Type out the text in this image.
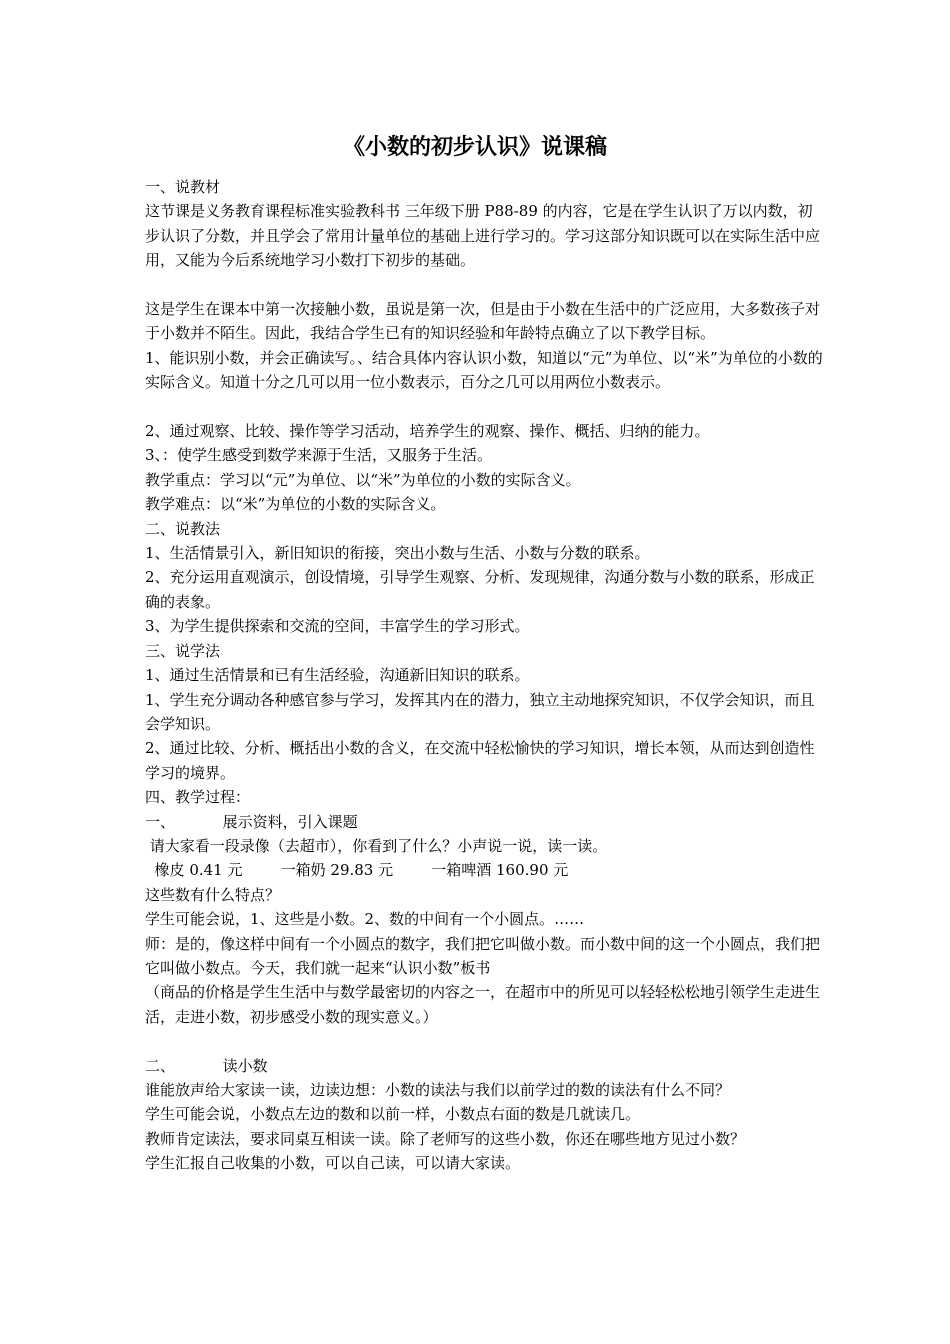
《小数的初步认识》说课稿

一、说教材

这节课是义务教育课程标准实验教科书 三年级下册 P88-89 的内容，它是在学生认识了万以内数，初步认识了分数，并且学会了常用计量单位的基础上进行学习的。学习这部分知识既可以在实际生活中应用，又能为今后系统地学习小数打下初步的基础。

这是学生在课本中第一次接触小数，虽说是第一次，但是由于小数在生活中的广泛应用，大多数孩子对于小数并不陌生。因此，我结合学生已有的知识经验和年龄特点确立了以下教学目标。

1、能识别小数，并会正确读写。、结合具体内容认识小数，知道以“元”为单位、以“米”为单位的小数的实际含义。知道十分之几可以用一位小数表示，百分之几可以用两位小数表示。

2、通过观察、比较、操作等学习活动，培养学生的观察、操作、概括、归纳的能力。

3、：使学生感受到数学来源于生活，又服务于生活。

教学重点：学习以“元”为单位、以“米”为单位的小数的实际含义。

教学难点：以“米”为单位的小数的实际含义。

二、说教法

1、生活情景引入，新旧知识的衔接，突出小数与生活、小数与分数的联系。

2、充分运用直观演示，创设情境，引导学生观察、分析、发现规律，沟通分数与小数的联系，形成正确的表象。

3、为学生提供探索和交流的空间，丰富学生的学习形式。

三、说学法

1、通过生活情景和已有生活经验，沟通新旧知识的联系。

1、学生充分调动各种感官参与学习，发挥其内在的潜力，独立主动地探究知识，不仅学会知识，而且会学知识。

2、通过比较、分析、概括出小数的含义，在交流中轻松愉快的学习知识，增长本领，从而达到创造性学习的境界。

四、教学过程：

一、          展示资料，引入课题

请大家看一段录像（去超市），你看到了什么？小声说一说，读一读。

橡皮 0.41 元        一箱奶 29.83 元        一箱啤酒 160.90 元

这些数有什么特点？

学生可能会说，1、这些是小数。2、数的中间有一个小圆点。……

师：是的，像这样中间有一个小圆点的数字，我们把它叫做小数。而小数中间的这一个小圆点，我们把它叫做小数点。今天，我们就一起来“认识小数”板书

（商品的价格是学生生活中与数学最密切的内容之一，在超市中的所见可以轻轻松松地引领学生走进生活，走进小数，初步感受小数的现实意义。）

二、          读小数

谁能放声给大家读一读，边读边想：小数的读法与我们以前学过的数的读法有什么不同？

学生可能会说，小数点左边的数和以前一样，小数点右面的数是几就读几。

教师肯定读法，要求同桌互相读一读。除了老师写的这些小数，你还在哪些地方见过小数？

学生汇报自己收集的小数，可以自己读，可以请大家读。
